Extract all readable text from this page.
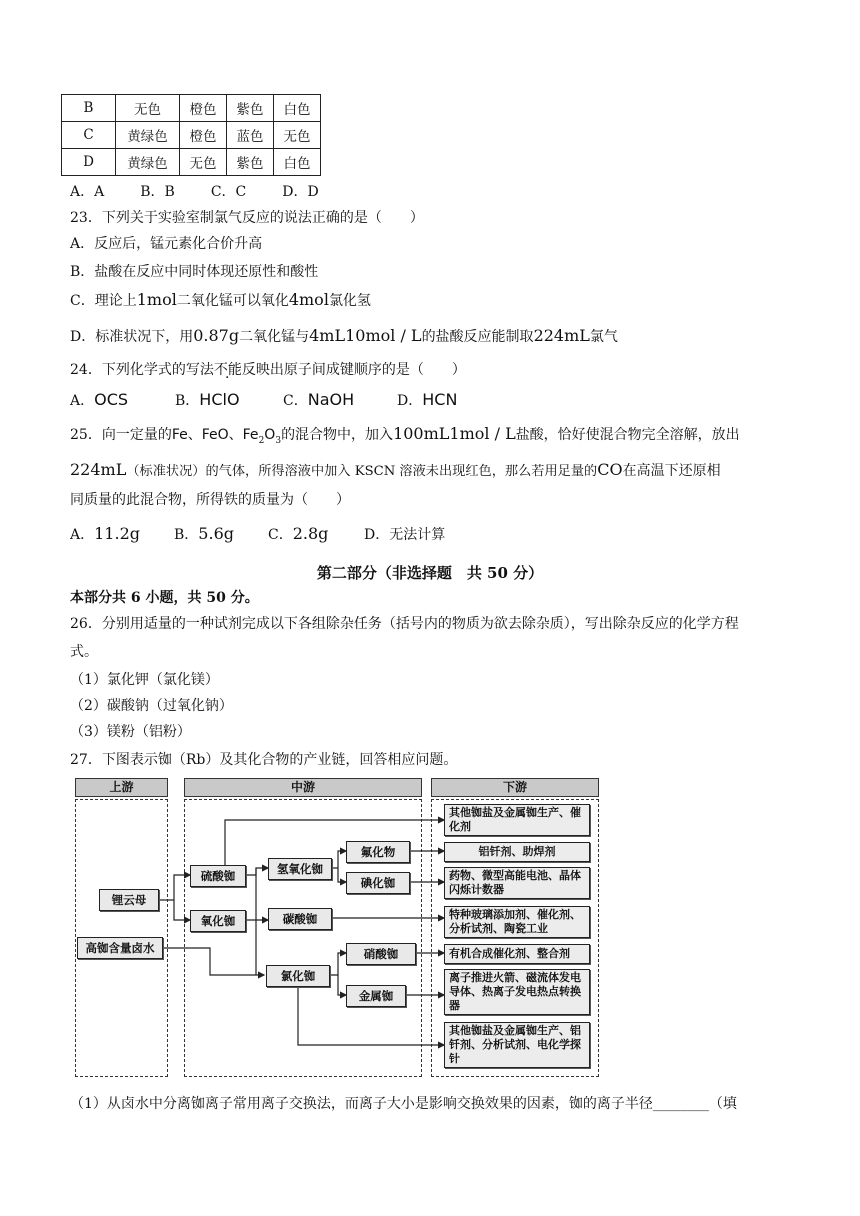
B	无色	橙色	紫色	白色
C	黄绿色	橙色	蓝色	无色
D	黄绿色	无色	紫色	白色
A．A	B．B	C．C	D．D
23．下列关于实验室制氯气反应的说法正确的是（　　）
A．反应后，锰元素化合价升高
B．盐酸在反应中同时体现还原性和酸性
C．理论上1mol二氧化锰可以氧化4mol氯化氢
D．标准状况下，用0.87g二氧化锰与4mL10mol / L的盐酸反应能制取224mL氯气
24．下列化学式的写法不能反映出原子间成键顺序的是（　　）
A．OCS	B．HClO	C．NaOH	D．HCN
25．向一定量的Fe、FeO、$Fe_2O_3$的混合物中，加入100mL1mol / L盐酸，恰好使混合物完全溶解，放出
224mL（标准状况）的气体，所得溶液中加入 KSCN 溶液未出现红色，那么若用足量的CO在高温下还原相
同质量的此混合物，所得铁的质量为（　　）
A．11.2g B．5.6g C．2.8g	D．无法计算
第二部分（非选择题　共 50 分）
本部分共 6 小题，共 50 分。
26．分别用适量的一种试剂完成以下各组除杂任务（括号内的物质为欲去除杂质），写出除杂反应的化学方程
式。
（1）氯化钾（氯化镁）
（2）碳酸钠（过氧化钠）
（3）镁粉（铝粉）
27．下图表示铷（Rb）及其化合物的产业链，回答相应问题。
上游	中游	下游
锂云母
高铷含量卤水
硫酸铷
氧化铷
氯化铷
氢氧化铷
碳酸铷
氟化物
碘化铷
硝酸铷
金属铷
其他铷盐及金属铷生产、催化剂
铝钎剂、助焊剂
药物、微型高能电池、晶体闪烁计数器
特种玻璃添加剂、催化剂、分析试剂、陶瓷工业
有机合成催化剂、整合剂
离子推进火箭、磁流体发电导体、热离子发电热点转换器
其他铷盐及金属铷生产、铝钎剂、分析试剂、电化学探针
（1）从卤水中分离铷离子常用离子交换法，而离子大小是影响交换效果的因素，铷的离子半径________（填
